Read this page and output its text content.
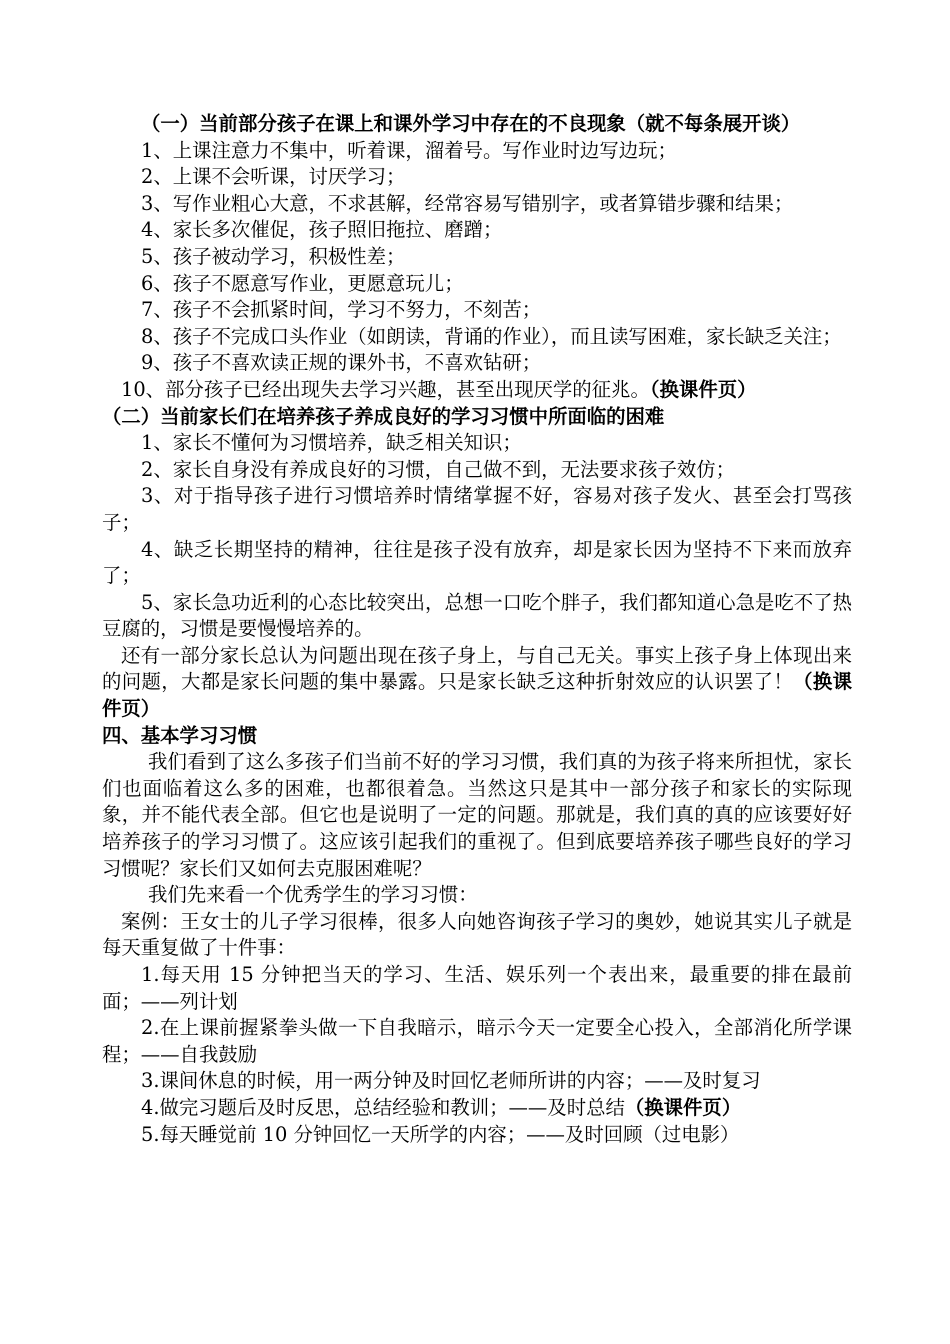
（一）当前部分孩子在课上和课外学习中存在的不良现象（就不每条展开谈）

1、上课注意力不集中，听着课，溜着号。写作业时边写边玩；

2、上课不会听课，讨厌学习；

3、写作业粗心大意，不求甚解，经常容易写错别字，或者算错步骤和结果；

4、家长多次催促，孩子照旧拖拉、磨蹭；

5、孩子被动学习，积极性差；

6、孩子不愿意写作业，更愿意玩儿；

7、孩子不会抓紧时间，学习不努力，不刻苦；

8、孩子不完成口头作业（如朗读，背诵的作业），而且读写困难，家长缺乏关注；

9、孩子不喜欢读正规的课外书，不喜欢钻研；

10、部分孩子已经出现失去学习兴趣，甚至出现厌学的征兆。（换课件页）

（二）当前家长们在培养孩子养成良好的学习习惯中所面临的困难

1、家长不懂何为习惯培养，缺乏相关知识；

2、家长自身没有养成良好的习惯，自己做不到，无法要求孩子效仿；

3、对于指导孩子进行习惯培养时情绪掌握不好，容易对孩子发火、甚至会打骂孩子；

4、缺乏长期坚持的精神，往往是孩子没有放弃，却是家长因为坚持不下来而放弃了；

5、家长急功近利的心态比较突出，总想一口吃个胖子，我们都知道心急是吃不了热豆腐的，习惯是要慢慢培养的。

还有一部分家长总认为问题出现在孩子身上，与自己无关。事实上孩子身上体现出来的问题，大都是家长问题的集中暴露。只是家长缺乏这种折射效应的认识罢了！（换课件页）

四、基本学习习惯

我们看到了这么多孩子们当前不好的学习习惯，我们真的为孩子将来所担忧，家长们也面临着这么多的困难，也都很着急。当然这只是其中一部分孩子和家长的实际现象，并不能代表全部。但它也是说明了一定的问题。那就是，我们真的真的应该要好好培养孩子的学习习惯了。这应该引起我们的重视了。但到底要培养孩子哪些良好的学习习惯呢？家长们又如何去克服困难呢？

我们先来看一个优秀学生的学习习惯：

案例：王女士的儿子学习很棒，很多人向她咨询孩子学习的奥妙，她说其实儿子就是每天重复做了十件事：

1.每天用 15 分钟把当天的学习、生活、娱乐列一个表出来，最重要的排在最前面；——列计划

2.在上课前握紧拳头做一下自我暗示，暗示今天一定要全心投入，全部消化所学课程；——自我鼓励

3.课间休息的时候，用一两分钟及时回忆老师所讲的内容；——及时复习

4.做完习题后及时反思，总结经验和教训；——及时总结（换课件页）

5.每天睡觉前 10 分钟回忆一天所学的内容；——及时回顾（过电影）
